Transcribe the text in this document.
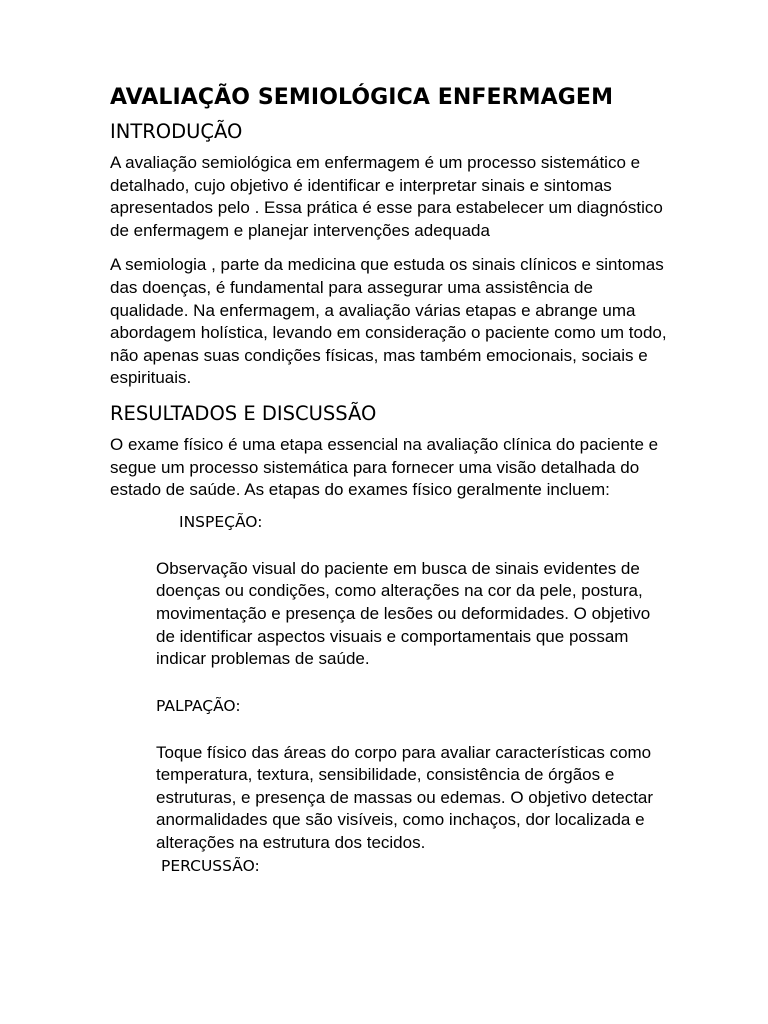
AVALIAÇÃO SEMIOLÓGICA ENFERMAGEM
INTRODUÇÃO

A avaliação semiológica em enfermagem é um processo sistemático e detalhado, cujo objetivo é identificar e interpretar sinais e sintomas apresentados pelo . Essa prática é esse para estabelecer um diagnóstico de enfermagem e planejar intervenções adequada

A semiologia , parte da medicina que estuda os sinais clínicos e sintomas das doenças, é fundamental para assegurar uma assistência de qualidade. Na enfermagem, a avaliação várias etapas e abrange uma abordagem holística, levando em consideração o paciente como um todo, não apenas suas condições físicas, mas também emocionais, sociais e espirituais.

RESULTADOS E DISCUSSÃO

O exame físico é uma etapa essencial na avaliação clínica do paciente e segue um processo sistemática para fornecer uma visão detalhada do estado de saúde. As etapas do exames físico geralmente incluem:

INSPEÇÃO:

Observação visual do paciente em busca de sinais evidentes de doenças ou condições, como alterações na cor da pele, postura, movimentação e presença de lesões ou deformidades. O objetivo de identificar aspectos visuais e comportamentais que possam indicar problemas de saúde.

PALPAÇÃO:

Toque físico das áreas do corpo para avaliar características como temperatura, textura, sensibilidade, consistência de órgãos e estruturas, e presença de massas ou edemas. O objetivo detectar anormalidades que são visíveis, como inchaços, dor localizada e alterações na estrutura dos tecidos.

PERCUSSÃO:
